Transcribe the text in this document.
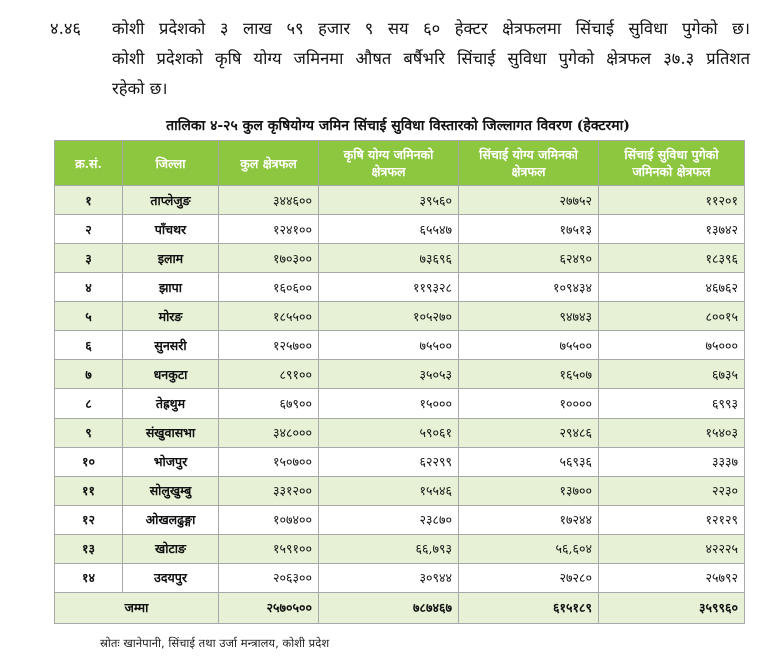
४.४६	कोशी प्रदेशको ३ लाख ५९ हजार ९ सय ६० हेक्टर क्षेत्रफलमा सिंचाई सुविधा पुगेको छ।
कोशी प्रदेशको कृषि योग्य जमिनमा औषत बर्षैभरि सिंचाई सुविधा पुगेको क्षेत्रफल ३७.३ प्रतिशत
रहेको छ।
तालिका ४-२५ कुल कृषियोग्य जमिन सिंचाई सुविधा विस्तारको जिल्लागत विवरण (हेक्टरमा)
क्र.सं.	जिल्ला	कुल क्षेत्रफल	कृषि योग्य जमिनको क्षेत्रफल	सिंचाई योग्य जमिनको क्षेत्रफल	सिंचाई सुविधा पुगेको जमिनको क्षेत्रफल
१	ताप्लेजुङ	३४४६००	३९५६०	२७७५२	११२०१
२	पाँचथर	१२४१००	६५५४७	१७५१३	१३७४२
३	इलाम	१७०३००	७३६९६	६२४९०	१८३९६
४	झापा	१६०६००	११९३२८	१०९४३४	४६७६२
५	मोरङ	१८५५००	१०५२७०	९४७४३	८००१५
६	सुनसरी	१२५७००	७५५००	७५५००	७५०००
७	धनकुटा	८९१००	३५०५३	१६५०७	६७३५
८	तेह्रथुम	६७९००	१५०००	१००००	६९९३
९	संखुवासभा	३४८०००	५९०६१	२९४८६	१५४०३
१०	भोजपुर	१५०७००	६२२९९	५६९३६	३३३७
११	सोलुखुम्बु	३३१२००	१५५४६	१३७००	२२३०
१२	ओखलढुङ्गा	१०७४००	२३८७०	१७२४४	१२१२९
१३	खोटाङ	१५९१००	६६,७९३	५६,६०४	४२२२५
१४	उदयपुर	२०६३००	३०९४४	२७२८०	२५७९२
जम्मा		२५७०५००	७८७४६७	६१५१८९	३५९९६०
स्रोतः खानेपानी, सिंचाई तथा उर्जा मन्त्रालय, कोशी प्रदेश
